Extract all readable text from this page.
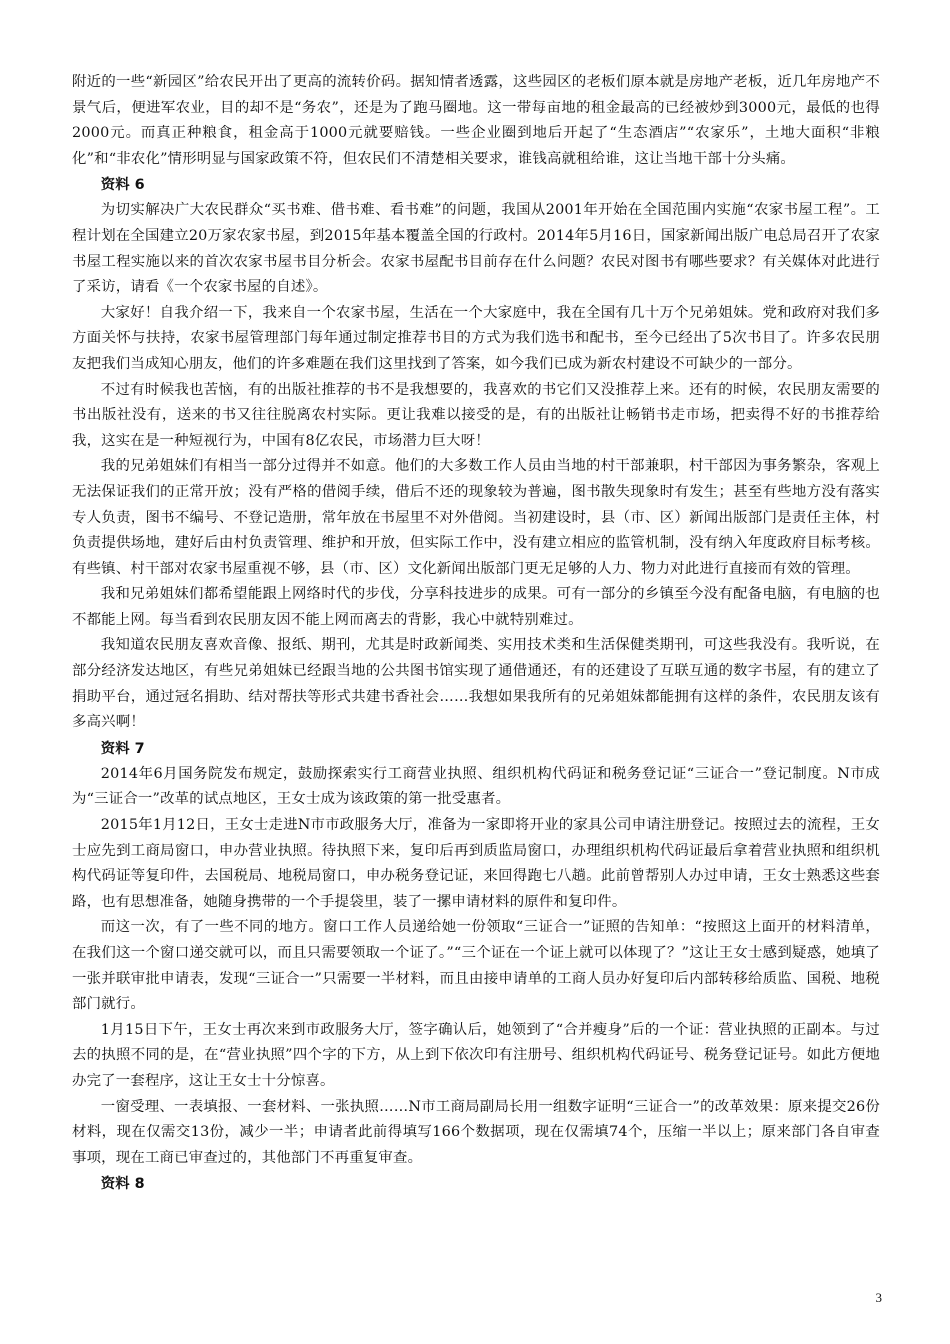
附近的一些“新园区”给农民开出了更高的流转价码。据知情者透露，这些园区的老板们原本就是房地产老板，近几年房地产不景气后，便进军农业，目的却不是“务农”，还是为了跑马圈地。这一带每亩地的租金最高的已经被炒到3000元，最低的也得2000元。而真正种粮食，租金高于1000元就要赔钱。一些企业圈到地后开起了“生态酒店”“农家乐”，土地大面积“非粮化”和“非农化”情形明显与国家政策不符，但农民们不清楚相关要求，谁钱高就租给谁，这让当地干部十分头痛。

资料 6

为切实解决广大农民群众“买书难、借书难、看书难”的问题，我国从2001年开始在全国范围内实施“农家书屋工程”。工程计划在全国建立20万家农家书屋，到2015年基本覆盖全国的行政村。2014年5月16日，国家新闻出版广电总局召开了农家书屋工程实施以来的首次农家书屋书目分析会。农家书屋配书目前存在什么问题？农民对图书有哪些要求？有关媒体对此进行了采访，请看《一个农家书屋的自述》。

大家好！自我介绍一下，我来自一个农家书屋，生活在一个大家庭中，我在全国有几十万个兄弟姐妹。党和政府对我们多方面关怀与扶持，农家书屋管理部门每年通过制定推荐书目的方式为我们选书和配书，至今已经出了5次书目了。许多农民朋友把我们当成知心朋友，他们的许多难题在我们这里找到了答案，如今我们已成为新农村建设不可缺少的一部分。

不过有时候我也苦恼，有的出版社推荐的书不是我想要的，我喜欢的书它们又没推荐上来。还有的时候，农民朋友需要的书出版社没有，送来的书又往往脱离农村实际。更让我难以接受的是，有的出版社让畅销书走市场，把卖得不好的书推荐给我，这实在是一种短视行为，中国有8亿农民，市场潜力巨大呀！

我的兄弟姐妹们有相当一部分过得并不如意。他们的大多数工作人员由当地的村干部兼职，村干部因为事务繁杂，客观上无法保证我们的正常开放；没有严格的借阅手续，借后不还的现象较为普遍，图书散失现象时有发生；甚至有些地方没有落实专人负责，图书不编号、不登记造册，常年放在书屋里不对外借阅。当初建设时，县（市、区）新闻出版部门是责任主体，村负责提供场地，建好后由村负责管理、维护和开放，但实际工作中，没有建立相应的监管机制，没有纳入年度政府目标考核。有些镇、村干部对农家书屋重视不够，县（市、区）文化新闻出版部门更无足够的人力、物力对此进行直接而有效的管理。

我和兄弟姐妹们都希望能跟上网络时代的步伐，分享科技进步的成果。可有一部分的乡镇至今没有配备电脑，有电脑的也不都能上网。每当看到农民朋友因不能上网而离去的背影，我心中就特别难过。

我知道农民朋友喜欢音像、报纸、期刊，尤其是时政新闻类、实用技术类和生活保健类期刊，可这些我没有。我听说，在部分经济发达地区，有些兄弟姐妹已经跟当地的公共图书馆实现了通借通还，有的还建设了互联互通的数字书屋，有的建立了捐助平台，通过冠名捐助、结对帮扶等形式共建书香社会……我想如果我所有的兄弟姐妹都能拥有这样的条件，农民朋友该有多高兴啊！

资料 7

2014年6月国务院发布规定，鼓励探索实行工商营业执照、组织机构代码证和税务登记证“三证合一”登记制度。N市成为“三证合一”改革的试点地区，王女士成为该政策的第一批受惠者。

2015年1月12日，王女士走进N市市政服务大厅，准备为一家即将开业的家具公司申请注册登记。按照过去的流程，王女士应先到工商局窗口，申办营业执照。待执照下来，复印后再到质监局窗口，办理组织机构代码证最后拿着营业执照和组织机构代码证等复印件，去国税局、地税局窗口，申办税务登记证，来回得跑七八趟。此前曾帮别人办过申请，王女士熟悉这些套路，也有思想准备，她随身携带的一个手提袋里，装了一摞申请材料的原件和复印件。

而这一次，有了一些不同的地方。窗口工作人员递给她一份领取“三证合一”证照的告知单：“按照这上面开的材料清单，在我们这一个窗口递交就可以，而且只需要领取一个证了。”“三个证在一个证上就可以体现了？”这让王女士感到疑惑，她填了一张并联审批申请表，发现“三证合一”只需要一半材料，而且由接申请单的工商人员办好复印后内部转移给质监、国税、地税部门就行。

1月15日下午，王女士再次来到市政服务大厅，签字确认后，她领到了“合并瘦身”后的一个证：营业执照的正副本。与过去的执照不同的是，在“营业执照”四个字的下方，从上到下依次印有注册号、组织机构代码证号、税务登记证号。如此方便地办完了一套程序，这让王女士十分惊喜。

一窗受理、一表填报、一套材料、一张执照……N市工商局副局长用一组数字证明“三证合一”的改革效果：原来提交26份材料，现在仅需交13份，减少一半；申请者此前得填写166个数据项，现在仅需填74个，压缩一半以上；原来部门各自审查事项，现在工商已审查过的，其他部门不再重复审查。

资料 8

3
